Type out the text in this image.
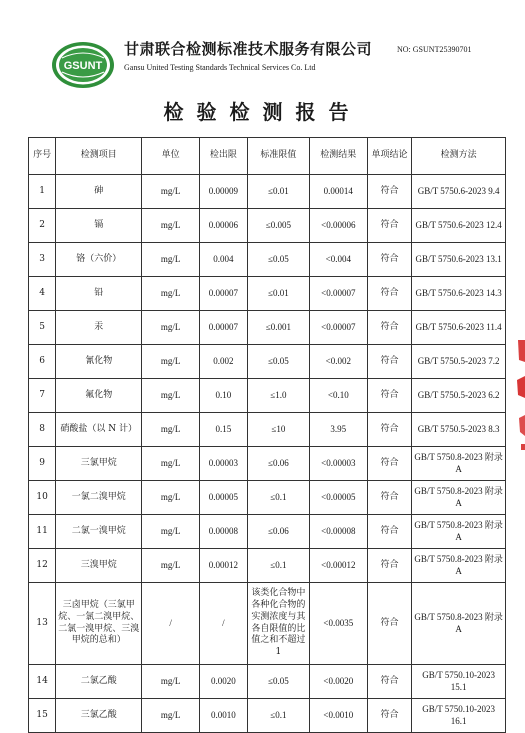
GSUNT
甘肃联合检测标准技术服务有限公司
Gansu United Testing Standards Technical Services Co. Ltd
NO: GSUNT25390701
检验检测报告
序号	检测项目	单位	检出限	标准限值	检测结果	单项结论	检测方法
1	砷	mg/L	0.00009	≤0.01	0.00014	符合	GB/T 5750.6-2023 9.4
2	镉	mg/L	0.00006	≤0.005	<0.00006	符合	GB/T 5750.6-2023 12.4
3	铬（六价）	mg/L	0.004	≤0.05	<0.004	符合	GB/T 5750.6-2023 13.1
4	铅	mg/L	0.00007	≤0.01	<0.00007	符合	GB/T 5750.6-2023 14.3
5	汞	mg/L	0.00007	≤0.001	<0.00007	符合	GB/T 5750.6-2023 11.4
6	氰化物	mg/L	0.002	≤0.05	<0.002	符合	GB/T 5750.5-2023 7.2
7	氟化物	mg/L	0.10	≤1.0	<0.10	符合	GB/T 5750.5-2023 6.2
8	硝酸盐（以 N 计）	mg/L	0.15	≤10	3.95	符合	GB/T 5750.5-2023 8.3
9	三氯甲烷	mg/L	0.00003	≤0.06	<0.00003	符合	GB/T 5750.8-2023 附录 A
10	一氯二溴甲烷	mg/L	0.00005	≤0.1	<0.00005	符合	GB/T 5750.8-2023 附录 A
11	二氯一溴甲烷	mg/L	0.00008	≤0.06	<0.00008	符合	GB/T 5750.8-2023 附录 A
12	三溴甲烷	mg/L	0.00012	≤0.1	<0.00012	符合	GB/T 5750.8-2023 附录 A
13	三卤甲烷（三氯甲烷、一氯二溴甲烷、二氯一溴甲烷、三溴甲烷的总和）	/	/	该类化合物中各种化合物的实测浓度与其各自限值的比值之和不超过1	<0.0035	符合	GB/T 5750.8-2023 附录 A
14	二氯乙酸	mg/L	0.0020	≤0.05	<0.0020	符合	GB/T 5750.10-2023 15.1
15	三氯乙酸	mg/L	0.0010	≤0.1	<0.0010	符合	GB/T 5750.10-2023 16.1
